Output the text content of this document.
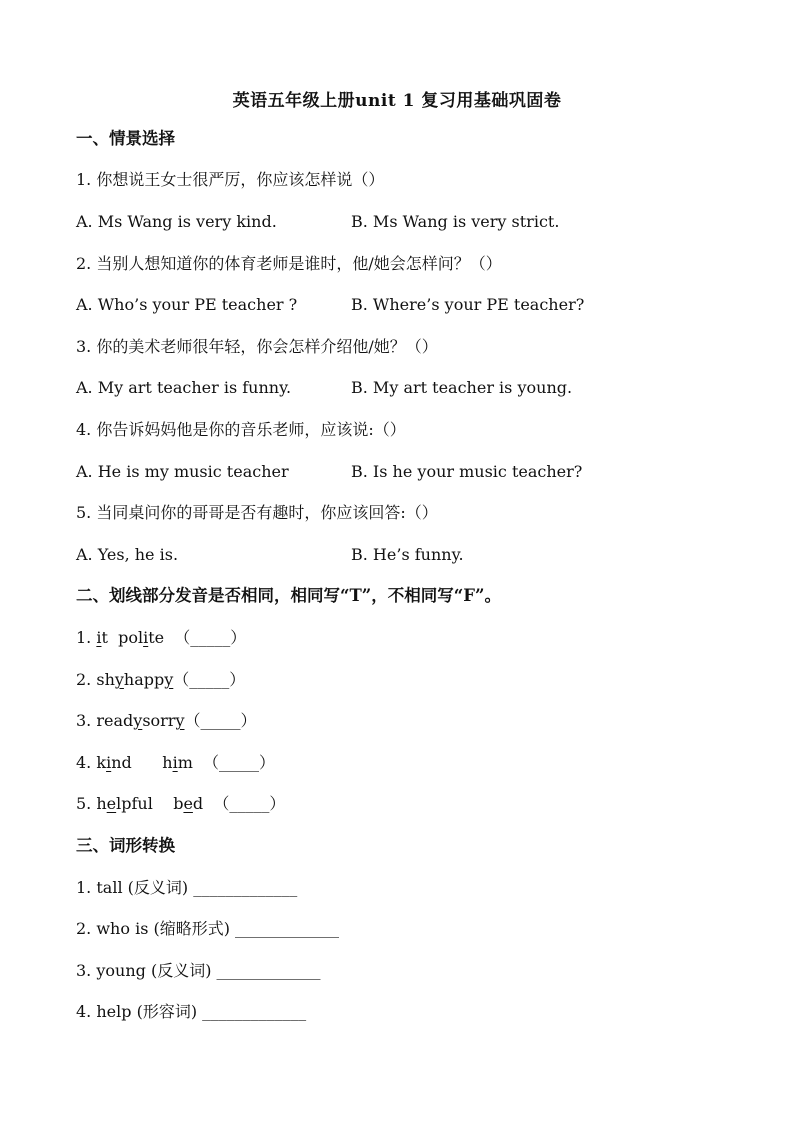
英语五年级上册unit 1 复习用基础巩固卷
一、情景选择
1. 你想说王女士很严厉，你应该怎样说（）
A. Ms Wang is very kind.	B. Ms Wang is very strict.
2. 当别人想知道你的体育老师是谁时，他/她会怎样问？（）
A. Who’s your PE teacher ?	B. Where’s your PE teacher?
3. 你的美术老师很年轻，你会怎样介绍他/她？（）
A. My art teacher is funny.	B. My art teacher is young.
4. 你告诉妈妈他是你的音乐老师，应该说:（）
A. He is my music teacher	B. Is he your music teacher?
5. 当同桌问你的哥哥是否有趣时，你应该回答:（）
A. Yes, he is.	B. He’s funny.
二、划线部分发音是否相同，相同写“T”，不相同写“F”。
1. it polite （_____）
2. shyhappy（_____）
3. readysorry（_____）
4. kind him （_____）
5. helpful bed （_____）
三、词形转换
1. tall (反义词) _____________
2. who is (缩略形式) _____________
3. young (反义词) _____________
4. help (形容词) _____________
